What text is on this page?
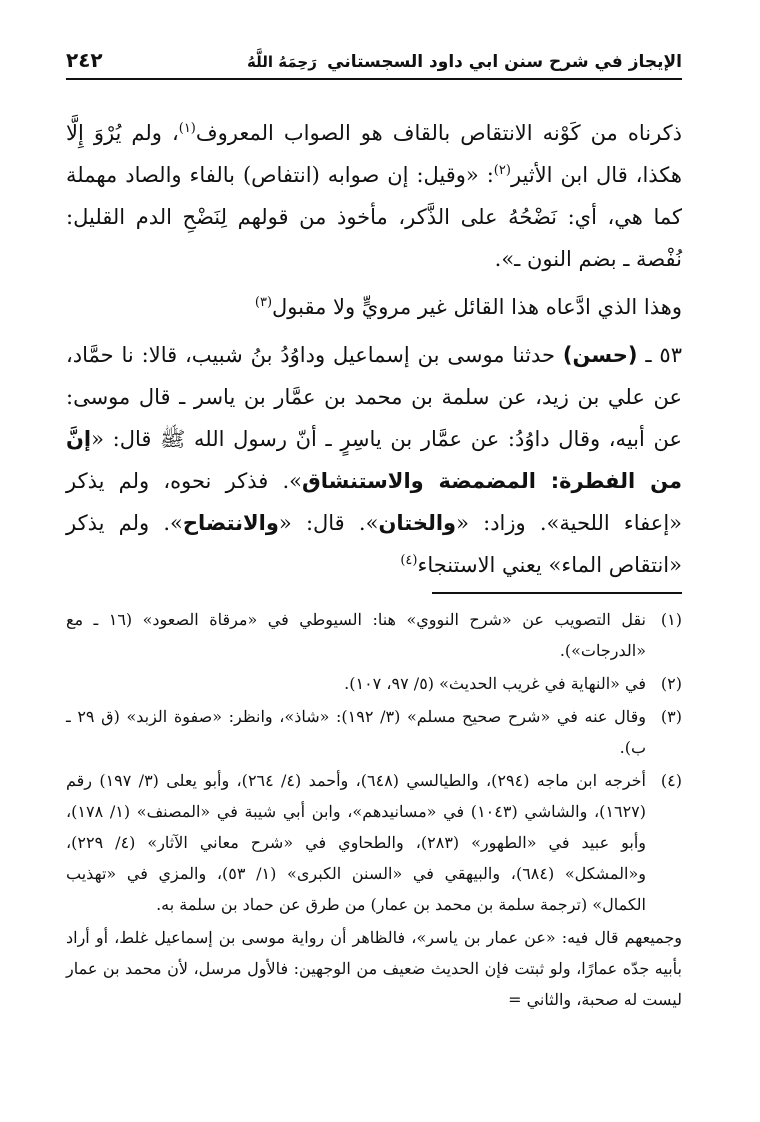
الإيجاز في شرح سنن ابي داود السجستاني رَحِمَهُ اللَّهُ
٢٤٢

ذكرناه من كَوْنه الانتقاص بالقاف هو الصواب المعروف$^{(١)}$، ولم يُرْوَ إِلَّا هكذا، قال ابن الأثير$^{(٢)}$: «وقيل: إن صوابه (انتفاص) بالفاء والصاد مهملة كما هي، أي: نَضْحُهُ على الذَّكر، مأخوذ من قولهم لِنَضْحِ الدم القليل: نُفْصة ـ بضم النون ـ».

وهذا الذي ادَّعاه هذا القائل غير مرويٍّ ولا مقبول$^{(٣)}$

٥٣ ـ (حسن) حدثنا موسى بن إسماعيل وداوُدُ بنُ شبيب، قالا: نا حمَّاد، عن علي بن زيد، عن سلمة بن محمد بن عمَّار بن ياسر ـ قال موسى: عن أبيه، وقال داوُدُ: عن عمَّار بن ياسِرٍ ـ أنّ رسول الله ﷺ قال: «إنَّ من الفطرة: المضمضة والاستنشاق». فذكر نحوه، ولم يذكر «إعفاء اللحية». وزاد: «والختان». قال: «والانتضاح». ولم يذكر «انتقاص الماء» يعني الاستنجاء$^{(٤)}$

(١)
نقل التصويب عن «شرح النووي» هنا: السيوطي في «مرقاة الصعود» (١٦ ـ مع «الدرجات»).
(٢)
في «النهاية في غريب الحديث» (٥/ ٩٧، ١٠٧).
(٣)
وقال عنه في «شرح صحيح مسلم» (٣/ ١٩٢): «شاذ»، وانظر: «صفوة الزبد» (ق ٢٩ ـ ب).
(٤)
أخرجه ابن ماجه (٢٩٤)، والطيالسي (٦٤٨)، وأحمد (٤/ ٢٦٤)، وأبو يعلى (٣/ ١٩٧) رقم (١٦٢٧)، والشاشي (١٠٤٣) في «مسانيدهم»، وابن أبي شيبة في «المصنف» (١/ ١٧٨)، وأبو عبيد في «الطهور» (٢٨٣)، والطحاوي في «شرح معاني الآثار» (٤/ ٢٢٩)، و«المشكل» (٦٨٤)، والبيهقي في «السنن الكبرى» (١/ ٥٣)، والمزي في «تهذيب الكمال» (ترجمة سلمة بن محمد بن عمار) من طرق عن حماد بن سلمة به.
وجميعهم قال فيه: «عن عمار بن ياسر»، فالظاهر أن رواية موسى بن إسماعيل غلط، أو أراد بأبيه جدّه عمارًا، ولو ثبتت فإن الحديث ضعيف من الوجهين: فالأول مرسل، لأن محمد بن عمار ليست له صحبة، والثاني =
